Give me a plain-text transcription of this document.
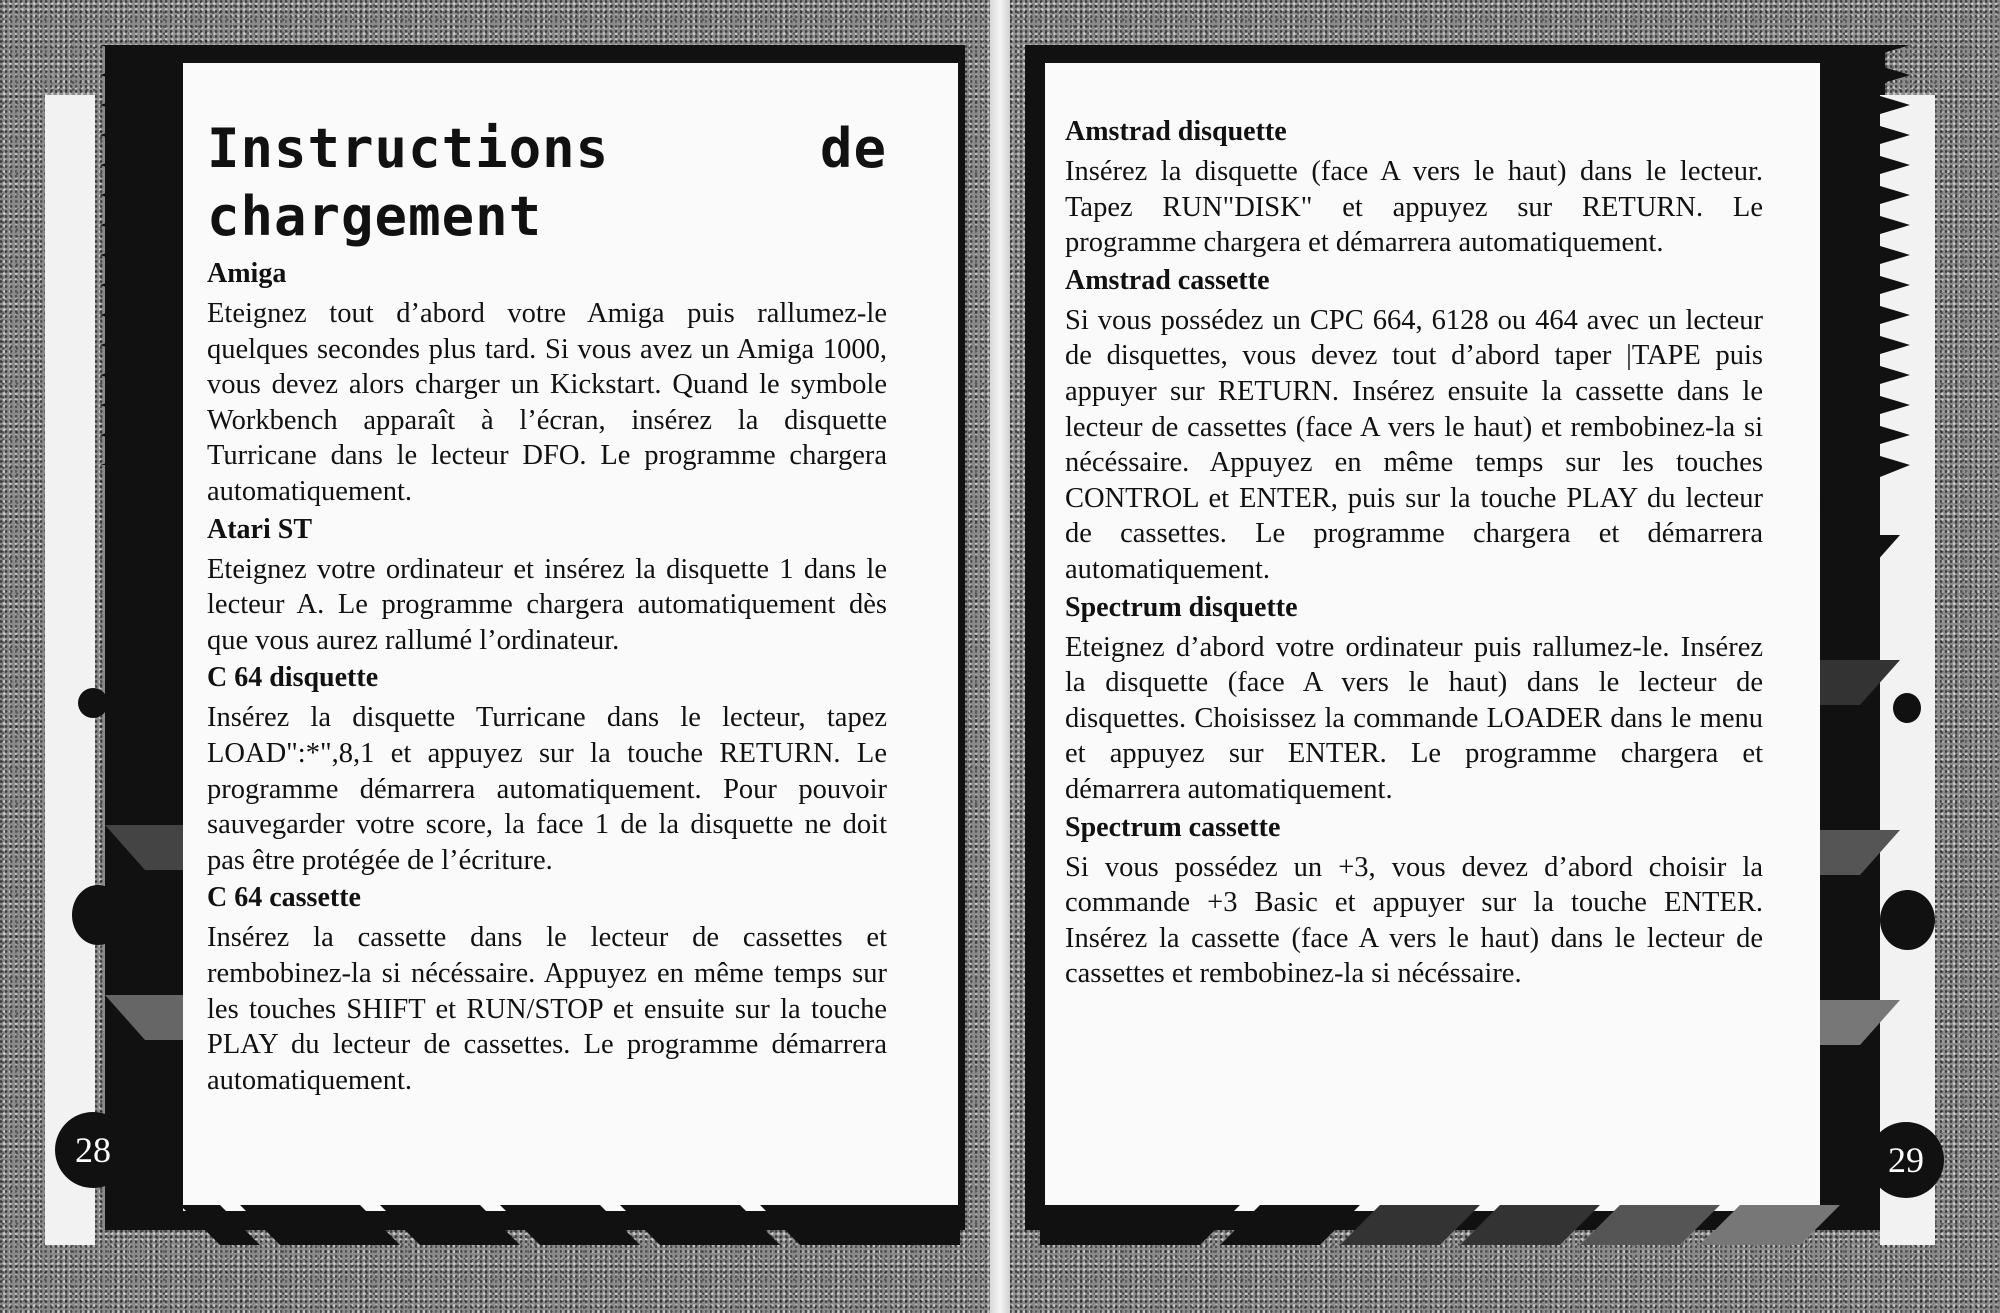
Instructions	de
chargement
Amiga

Eteignez tout d’abord votre Amiga puis rallumez-le quelques secondes plus tard. Si vous avez un Amiga 1000, vous devez alors charger un Kickstart. Quand le symbole Workbench apparaît à l’écran, insérez la disquette Turricane dans le lecteur DFO. Le programme chargera automatiquement.

Atari ST

Eteignez votre ordinateur et insérez la disquette 1 dans le lecteur A. Le programme chargera automatiquement dès que vous aurez rallumé l’ordinateur.

C 64 disquette

Insérez la disquette Turricane dans le lecteur, tapez LOAD":*",8,1 et appuyez sur la touche RETURN. Le programme démarrera automatiquement. Pour pouvoir sauvegarder votre score, la face 1 de la disquette ne doit pas être protégée de l’écriture.

C 64 cassette

Insérez la cassette dans le lecteur de cassettes et rembobinez-la si nécéssaire. Appuyez en même temps sur les touches SHIFT et RUN/STOP et ensuite sur la touche PLAY du lecteur de cassettes. Le programme démarrera automatiquement.

28
Amstrad disquette

Insérez la disquette (face A vers le haut) dans le lecteur. Tapez RUN"DISK" et appuyez sur RETURN. Le programme chargera et démarrera automatiquement.

Amstrad cassette

Si vous possédez un CPC 664, 6128 ou 464 avec un lecteur de disquettes, vous devez tout d’abord taper |TAPE puis appuyer sur RETURN. Insérez ensuite la cassette dans le lecteur de cassettes (face A vers le haut) et rembobinez-la si nécéssaire. Appuyez en même temps sur les touches CONTROL et ENTER, puis sur la touche PLAY du lecteur de cassettes. Le programme chargera et démarrera automatiquement.

Spectrum disquette

Eteignez d’abord votre ordinateur puis rallumez-le. Insérez la disquette (face A vers le haut) dans le lecteur de disquettes. Choisissez la commande LOADER dans le menu et appuyez sur ENTER. Le programme chargera et démarrera automatiquement.

Spectrum cassette

Si vous possédez un +3, vous devez d’abord choisir la commande +3 Basic et appuyer sur la touche ENTER. Insérez la cassette (face A vers le haut) dans le lecteur de cassettes et rembobinez-la si nécéssaire.

29
